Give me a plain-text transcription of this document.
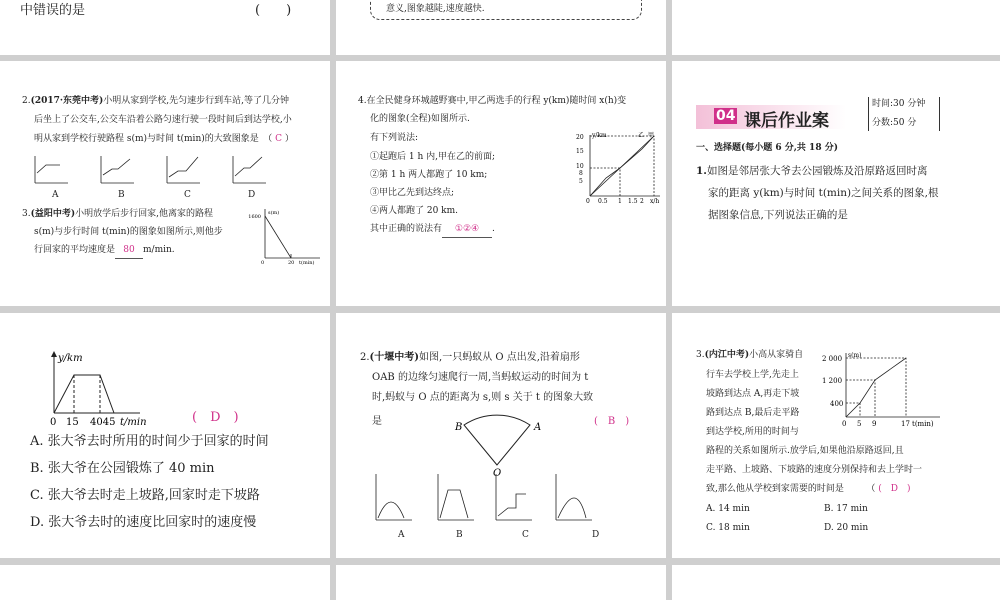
中错误的是	(　　)	意义,图象越陡,速度越快.
2.(2017·东莞中考)小明从家到学校,先匀速步行到车站,等了几分钟
后坐上了公交车,公交车沿着公路匀速行驶一段时间后到达学校,小
明从家到学校行驶路程 s(m)与时间 t(min)的大致图象是　（ C ）
A	B	C	D
3.(益阳中考)小明放学后步行回家,他离家的路程
s(m)与步行时间 t(min)的图象如图所示,则他步
行回家的平均速度是 80 m/min.
1600
s(m)
20 t(min)
0
4.在全民健身环城越野赛中,甲乙两选手的行程 y(km)随时间 x(h)变
化的图象(全程)如图所示.
有下列说法:
①起跑后 1 h 内,甲在乙的前面;
②第 1 h 两人都跑了 10 km;
③甲比乙先到达终点;
④两人都跑了 20 km.
其中正确的说法有 ①②④ .
y/km
x/h
20
15
10
8
5
0 0.5 1 1.5 2
乙 甲
04 课后作业案
时间:30 分钟
分数:50 分
一、选择题(每小题 6 分,共 18 分)
1.如图是邻居张大爷去公园锻炼及沿原路返回时离
家的距离 y(km)与时间 t(min)之间关系的图象,根
据图象信息,下列说法正确的是
y/km
0 15 4045 t/min	(　D　)
A. 张大爷去时所用的时间少于回家的时间
B. 张大爷在公园锻炼了 40 min
C. 张大爷去时走上坡路,回家时走下坡路
D. 张大爷去时的速度比回家时的速度慢
2.(十堰中考)如图,一只蚂蚁从 O 点出发,沿着扇形
OAB 的边缘匀速爬行一周,当蚂蚁运动的时间为 t
时,蚂蚁与 O 点的距离为 s,则 s 关于 t 的图象大致
是	(　B　)
B	A
O
A	B	C	D
3.(内江中考)小高从家骑自
行车去学校上学,先走上
坡路到达点 A,再走下坡
路到达点 B,最后走平路
到达学校,所用的时间与
路程的关系如图所示.放学后,如果他沿原路返回,且
走平路、上坡路、下坡路的速度分别保持和去上学时一
致,那么他从学校到家需要的时间是　　　（ (　D　)
A. 14 min	B. 17 min
C. 18 min	D. 20 min
s(m)
2 000
1 200
400
0 5 9	17 t(min)
